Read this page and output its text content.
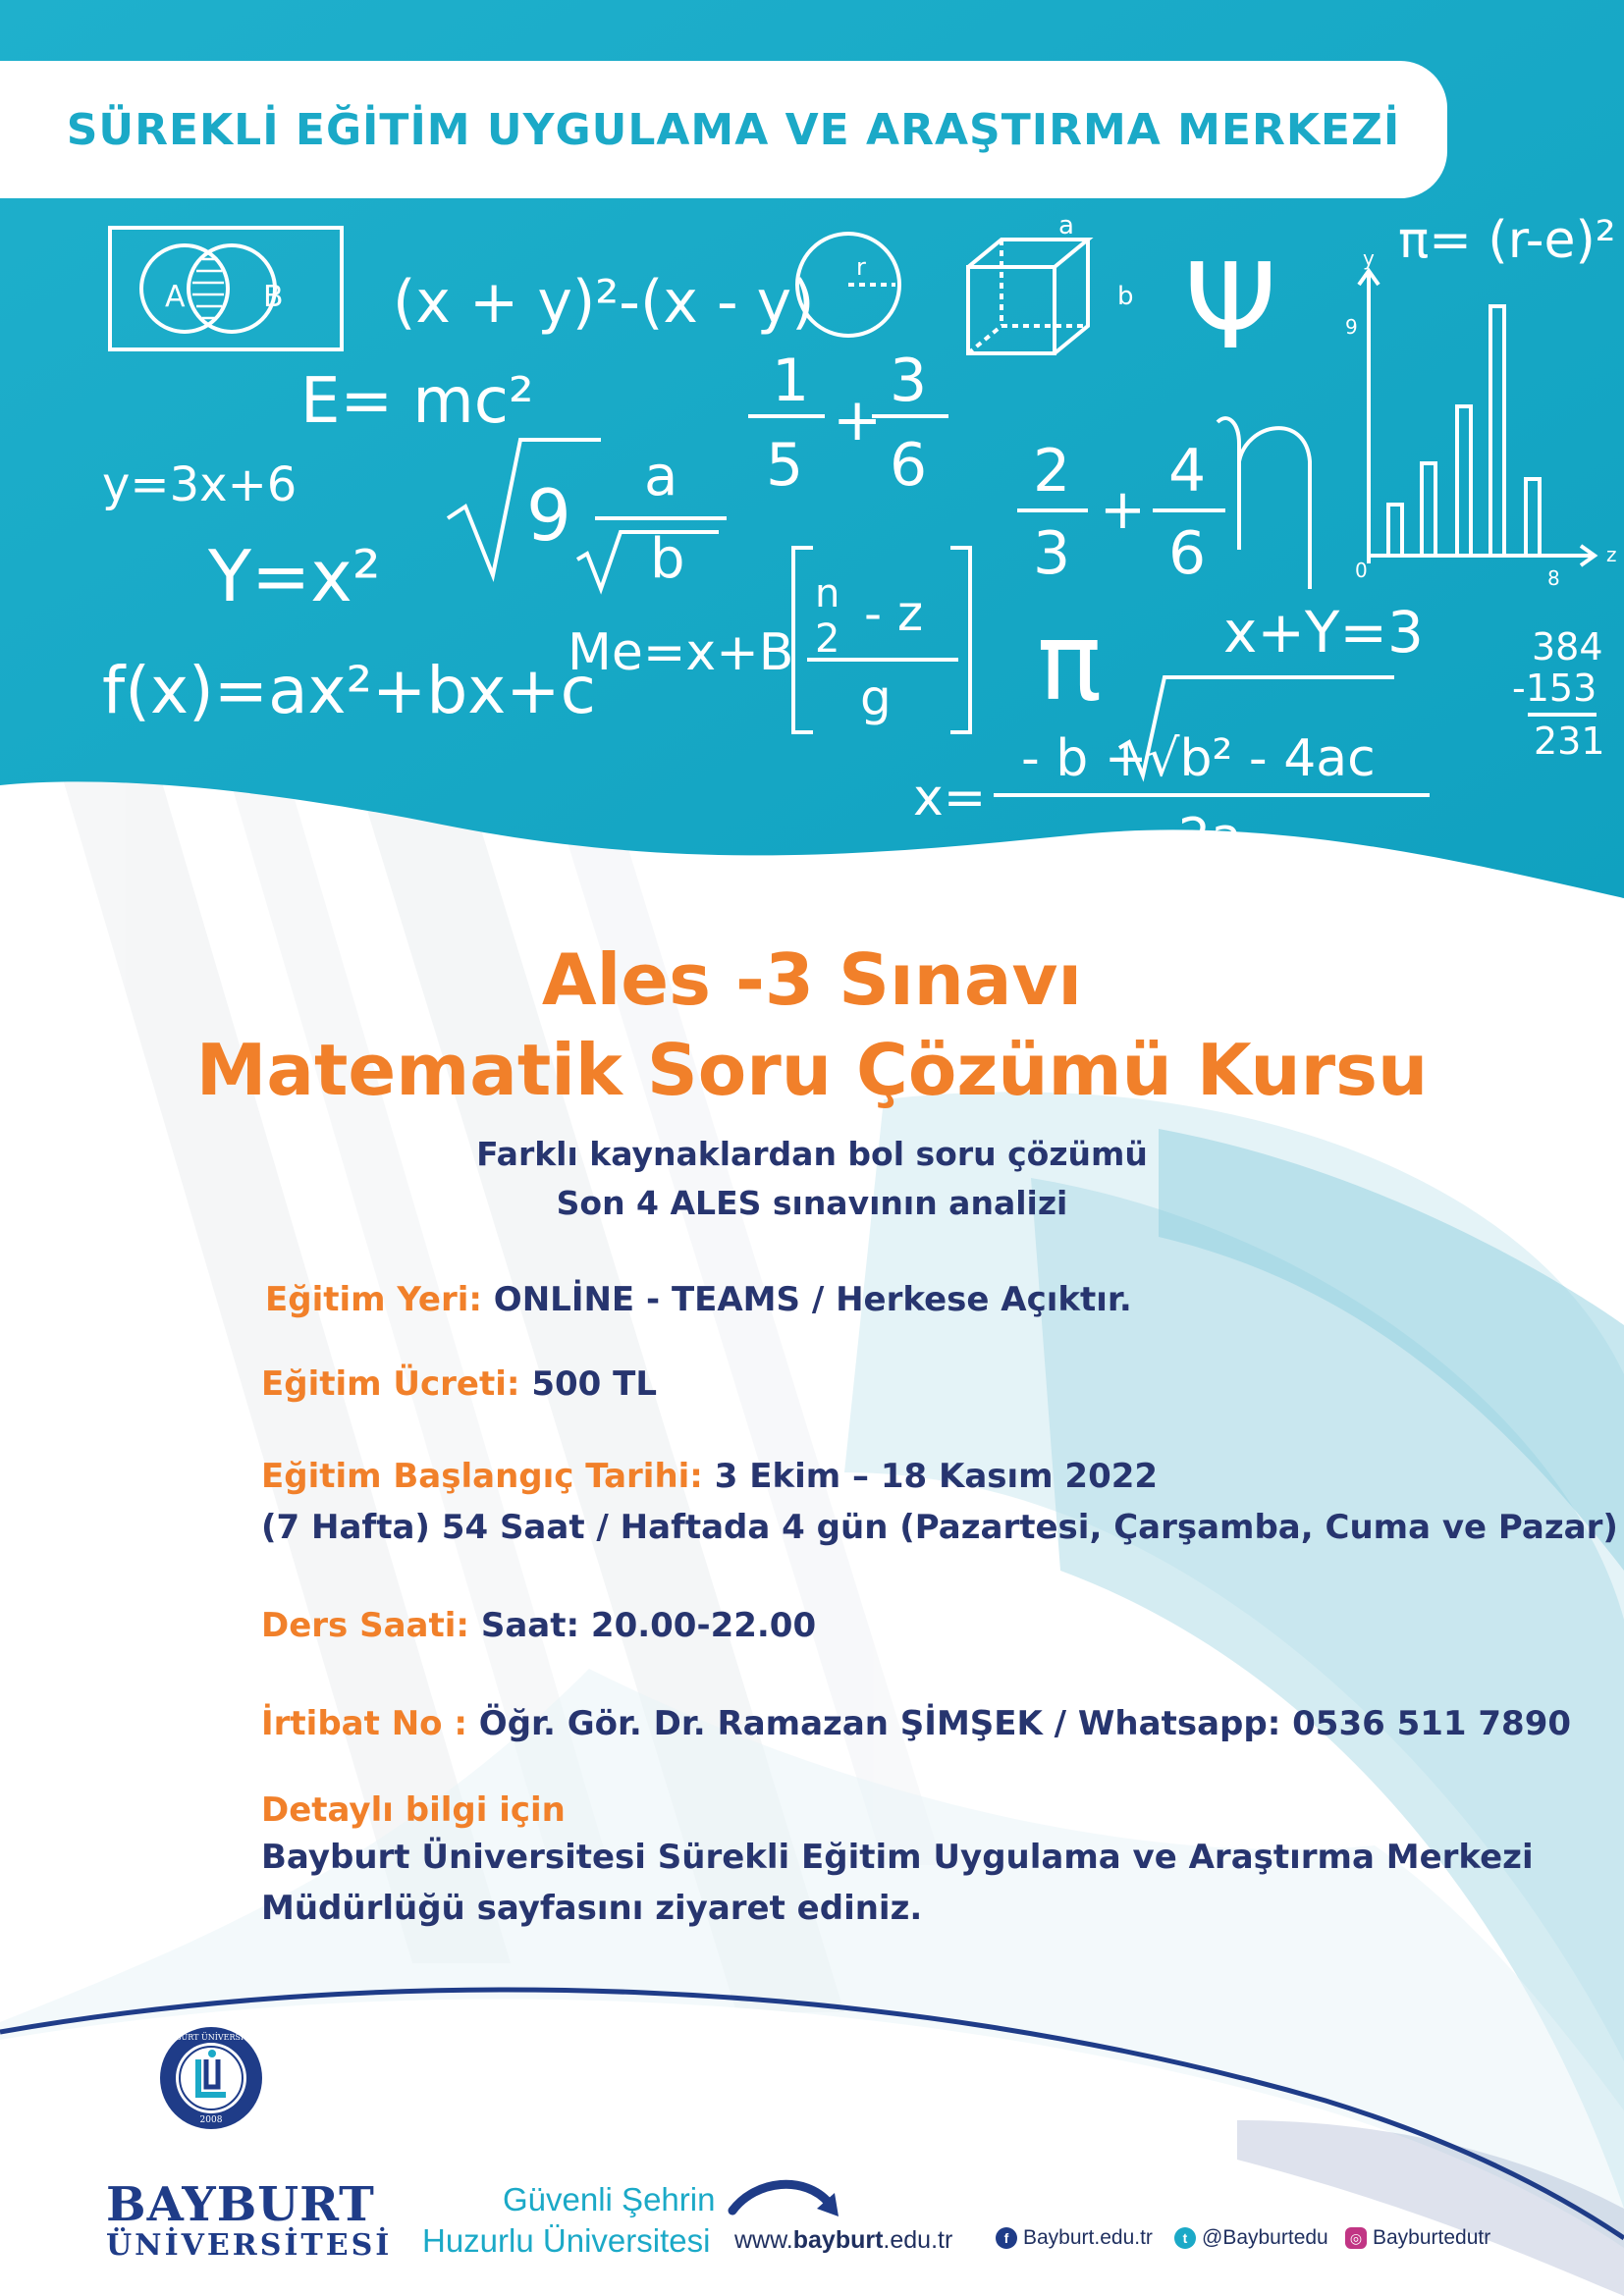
SÜREKLİ EĞİTİM UYGULAMA VE ARAŞTIRMA MERKEZİ
A	B (x + y)²-(x - y)
r
a
b Ψ π= (r-e)²
y
z
9
0	8
E= mc²	1
5
+
3
6
y=3x+6	9 a
b
2
3
+
4
6
Y=x²
Me=x+B
n
2 - z
g π x+Y=3	384
-153
231
f(x)=ax²+bx+c
x=
- b +√b² - 4ac
2a
Ales -3 Sınavı
Matematik Soru Çözümü Kursu
Farklı kaynaklardan bol soru çözümü
Son 4 ALES sınavının analizi
Eğitim Yeri: ONLİNE - TEAMS / Herkese Açıktır.
Eğitim Ücreti: 500 TL
Eğitim Başlangıç Tarihi: 3 Ekim – 18 Kasım 2022
(7 Hafta) 54 Saat / Haftada 4 gün (Pazartesi, Çarşamba, Cuma ve Pazar)
Ders Saati: Saat: 20.00-22.00
İrtibat No : Öğr. Gör. Dr. Ramazan ŞİMŞEK / Whatsapp: 0536 511 7890
Detaylı bilgi için
Bayburt Üniversitesi Sürekli Eğitim Uygulama ve Araştırma Merkezi
Müdürlüğü sayfasını ziyaret ediniz.
BAYBURT ÜNİVERSİTESİ
2008
BAYBURT
ÜNİVERSİTESİ
Güvenli Şehrin
Huzurlu Üniversitesi www.bayburt.edu.tr	f Bayburt.edu.tr	t @Bayburtedu	◎ Bayburtedutr
